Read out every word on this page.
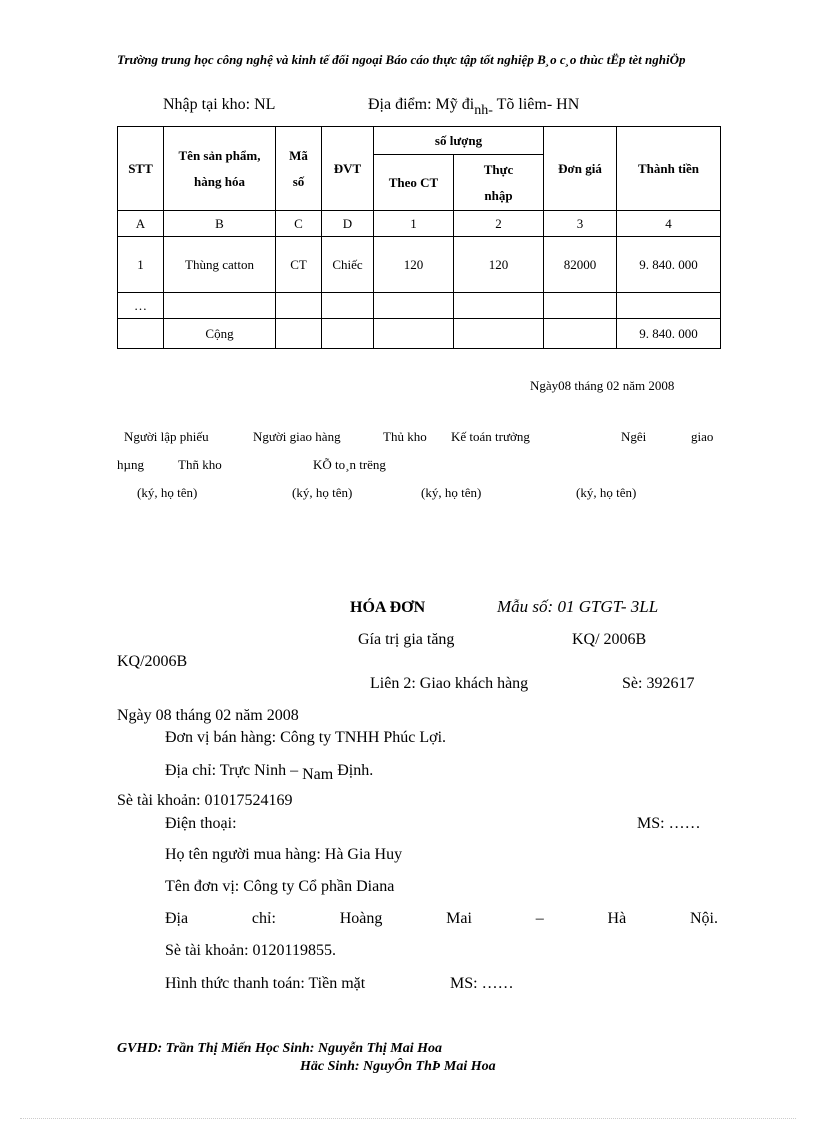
Trường trung học công nghệ và kinh tế đối ngoại Báo cáo thực tập tốt nghiệp B¸o c¸o thùc tËp tèt nghiÖp
Nhập tại kho: NL	Địa điểm: Mỹ đinh- Tõ liêm- HN
STT	Tên sản phẩm, hàng hóa	Mã số	ĐVT	số lượng		Đơn giá	Thành tiền
				Theo CT	Thực nhập		
A	B	C	D	1	2	3	4
1	Thùng catton	CT	Chiếc	120	120	82000	9. 840. 000
…							
	Cộng						9. 840. 000
Ngày08 tháng 02 năm 2008
Người lập phiếu	Người giao hàng	Thủ kho Kế toán trưởng	Ngêi	giao
hµng	Thñ kho	KÕ to¸n trëng
(ký, họ tên)	(ký, họ tên)	(ký, họ tên)	(ký, họ tên)
HÓA ĐƠN	Mẫu số: 01 GTGT- 3LL
Gía trị gia tăng	KQ/ 2006B
KQ/2006B
Liên 2: Giao khách hàng	Sè: 392617
Ngày 08 tháng 02 năm 2008
Đơn vị bán hàng: Công ty TNHH Phúc Lợi.
Địa chỉ: Trực Ninh – Nam Định.
Sè tài khoản: 01017524169
Điện thoại:	MS: ……
Họ tên người mua hàng: Hà Gia Huy
Tên đơn vị: Công ty Cổ phần Diana
Địa	chỉ:	Hoàng	Mai	–	Hà	Nội.
Sè tài khoản: 0120119855.
Hình thức thanh toán: Tiền mặt	MS: ……
GVHD: Trần Thị Miến Học Sinh: Nguyễn Thị Mai Hoa
Häc Sinh: NguyÔn ThÞ Mai Hoa
